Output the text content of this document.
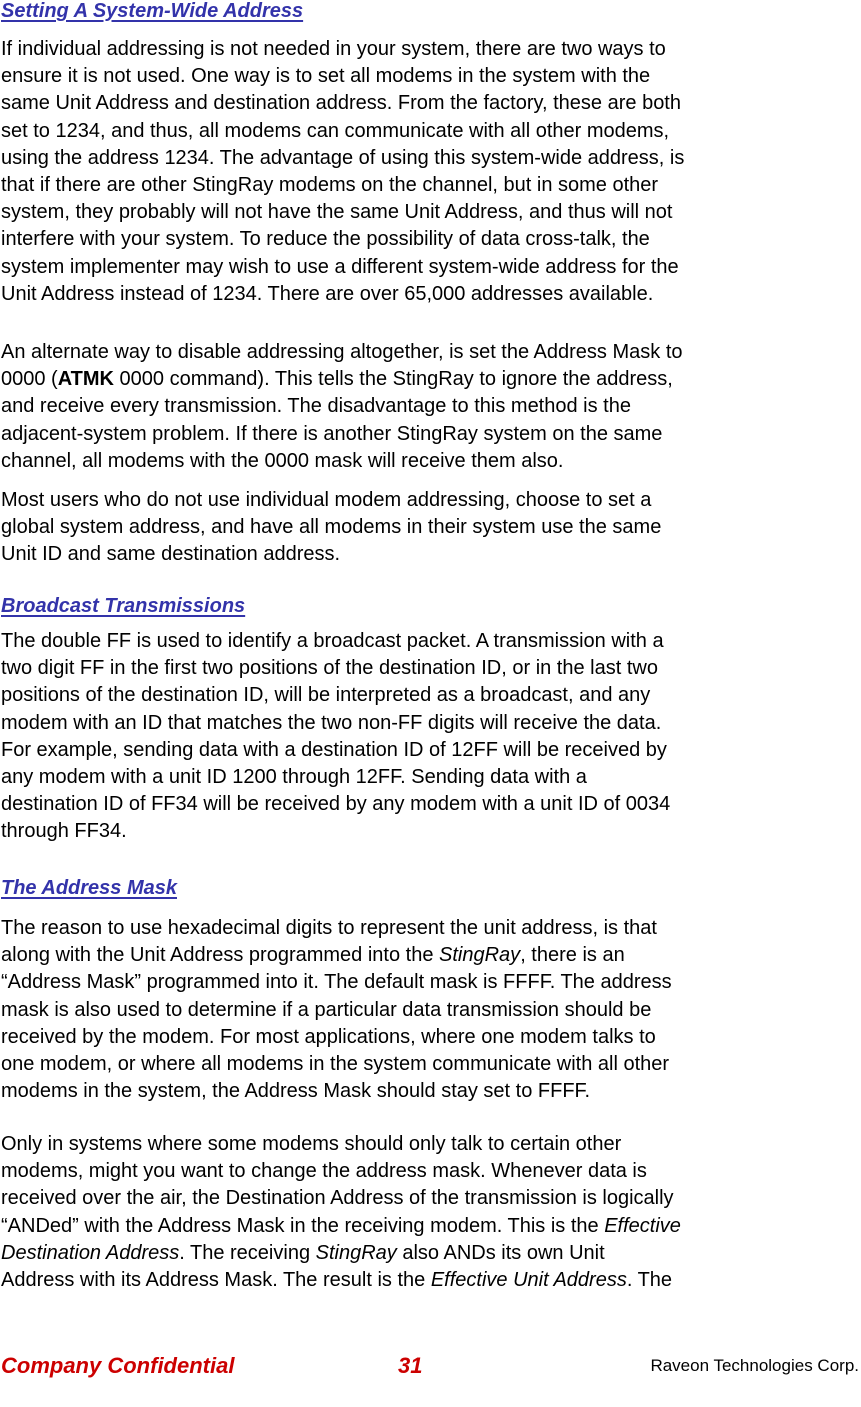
Setting A System-Wide Address
If individual addressing is not needed in your system, there are two ways to
ensure it is not used. One way is to set all modems in the system with the
same Unit Address and destination address. From the factory, these are both
set to 1234, and thus, all modems can communicate with all other modems,
using the address 1234. The advantage of using this system-wide address, is
that if there are other StingRay modems on the channel, but in some other
system, they probably will not have the same Unit Address, and thus will not
interfere with your system. To reduce the possibility of data cross-talk, the
system implementer may wish to use a different system-wide address for the
Unit Address instead of 1234. There are over 65,000 addresses available.
An alternate way to disable addressing altogether, is set the Address Mask to
0000 (ATMK 0000 command). This tells the StingRay to ignore the address,
and receive every transmission. The disadvantage to this method is the
adjacent-system problem. If there is another StingRay system on the same
channel, all modems with the 0000 mask will receive them also.
Most users who do not use individual modem addressing, choose to set a
global system address, and have all modems in their system use the same
Unit ID and same destination address.
Broadcast Transmissions
The double FF is used to identify a broadcast packet. A transmission with a
two digit FF in the first two positions of the destination ID, or in the last two
positions of the destination ID, will be interpreted as a broadcast, and any
modem with an ID that matches the two non-FF digits will receive the data.
For example, sending data with a destination ID of 12FF will be received by
any modem with a unit ID 1200 through 12FF. Sending data with a
destination ID of FF34 will be received by any modem with a unit ID of 0034
through FF34.
The Address Mask
The reason to use hexadecimal digits to represent the unit address, is that
along with the Unit Address programmed into the StingRay, there is an
“Address Mask” programmed into it. The default mask is FFFF. The address
mask is also used to determine if a particular data transmission should be
received by the modem. For most applications, where one modem talks to
one modem, or where all modems in the system communicate with all other
modems in the system, the Address Mask should stay set to FFFF.
Only in systems where some modems should only talk to certain other
modems, might you want to change the address mask. Whenever data is
received over the air, the Destination Address of the transmission is logically
“ANDed” with the Address Mask in the receiving modem. This is the Effective
Destination Address. The receiving StingRay also ANDs its own Unit
Address with its Address Mask. The result is the Effective Unit Address. The
Company Confidential	31	Raveon Technologies Corp.
